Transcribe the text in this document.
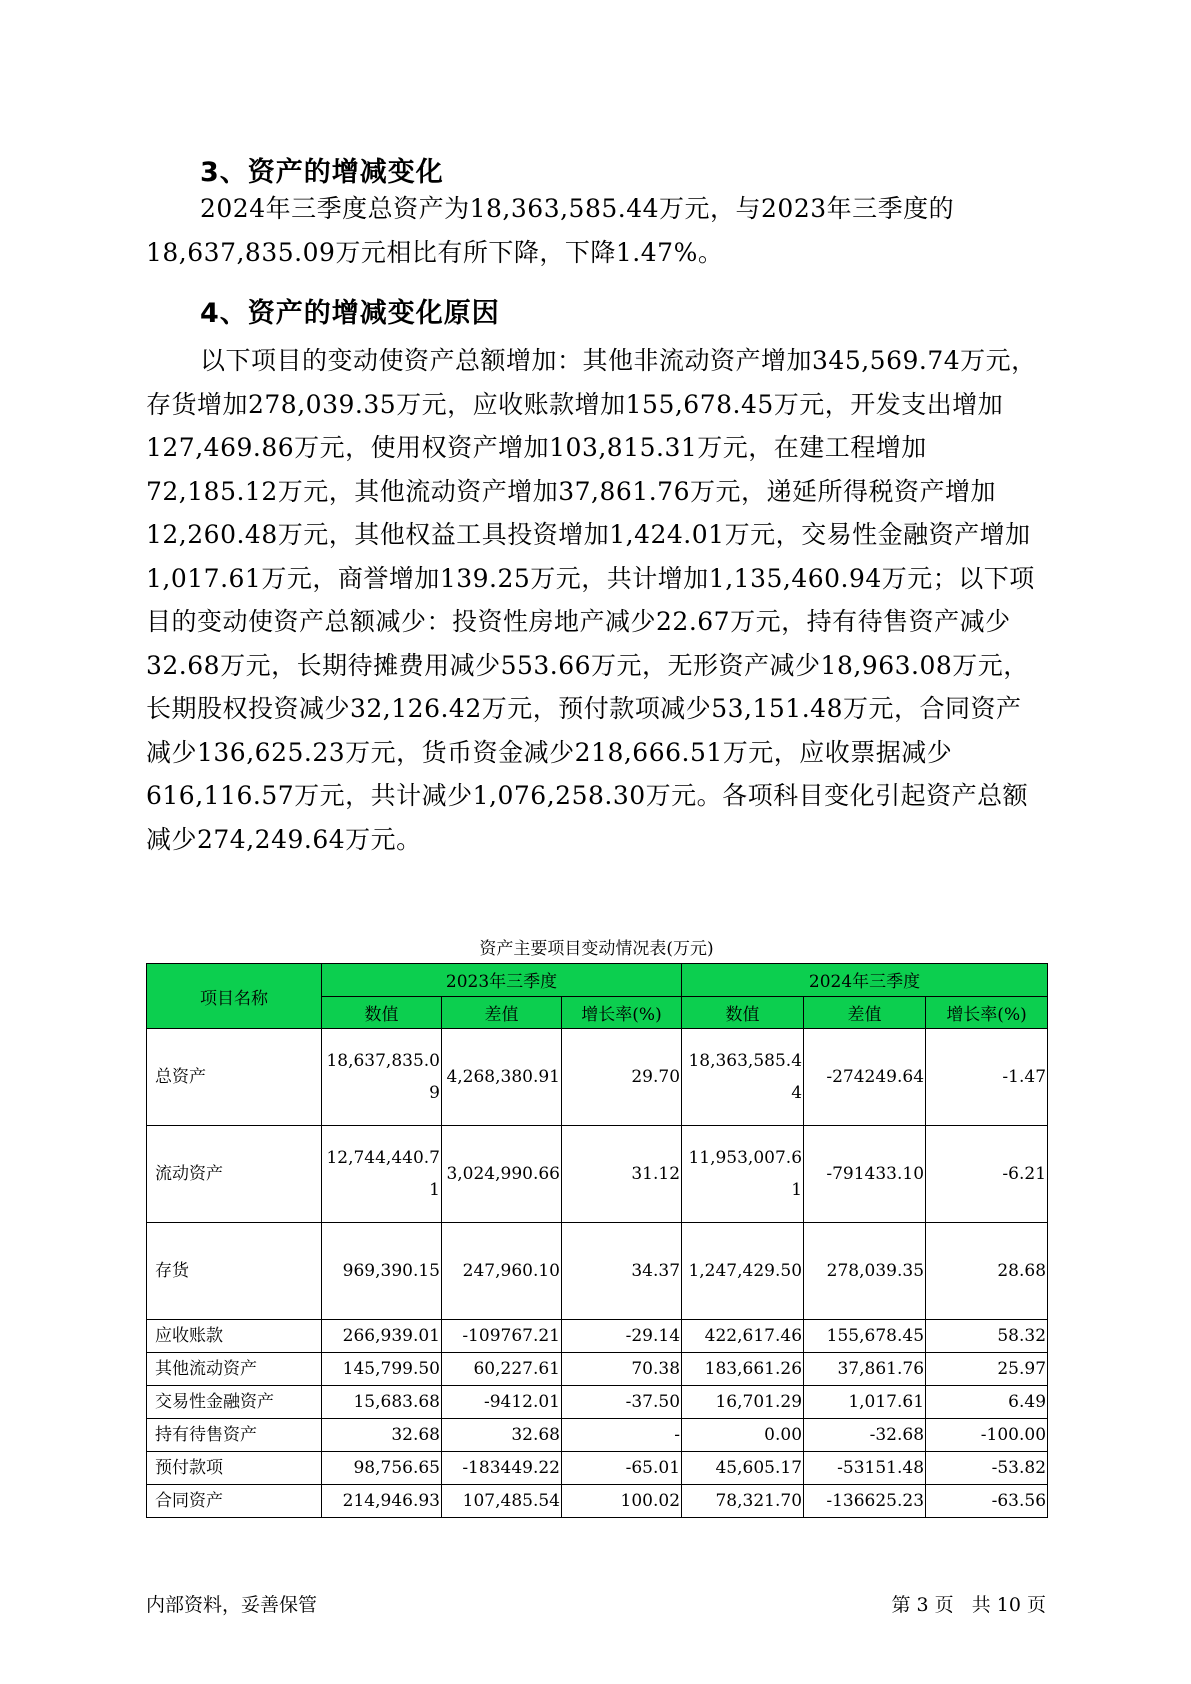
3、资产的增减变化

2024年三季度总资产为18,363,585.44万元，与2023年三季度的18,637,835.09万元相比有所下降，下降1.47%。

4、资产的增减变化原因

以下项目的变动使资产总额增加：其他非流动资产增加345,569.74万元，存货增加278,039.35万元，应收账款增加155,678.45万元，开发支出增加127,469.86万元，使用权资产增加103,815.31万元，在建工程增加72,185.12万元，其他流动资产增加37,861.76万元，递延所得税资产增加12,260.48万元，其他权益工具投资增加1,424.01万元，交易性金融资产增加1,017.61万元，商誉增加139.25万元，共计增加1,135,460.94万元；以下项目的变动使资产总额减少：投资性房地产减少22.67万元，持有待售资产减少32.68万元，长期待摊费用减少553.66万元，无形资产减少18,963.08万元，长期股权投资减少32,126.42万元，预付款项减少53,151.48万元，合同资产减少136,625.23万元，货币资金减少218,666.51万元，应收票据减少616,116.57万元，共计减少1,076,258.30万元。各项科目变化引起资产总额减少274,249.64万元。

资产主要项目变动情况表(万元)
项目名称	2023年三季度			2024年三季度		
	数值	差值	增长率(%)	数值	差值	增长率(%)
总资产	18,637,835.09	4,268,380.91	29.70	18,363,585.44	-274249.64	-1.47
流动资产	12,744,440.71	3,024,990.66	31.12	11,953,007.61	-791433.10	-6.21
存货	969,390.15	247,960.10	34.37	1,247,429.50	278,039.35	28.68
应收账款	266,939.01	-109767.21	-29.14	422,617.46	155,678.45	58.32
其他流动资产	145,799.50	60,227.61	70.38	183,661.26	37,861.76	25.97
交易性金融资产	15,683.68	-9412.01	-37.50	16,701.29	1,017.61	6.49
持有待售资产	32.68	32.68	-	0.00	-32.68	-100.00
预付款项	98,756.65	-183449.22	-65.01	45,605.17	-53151.48	-53.82
合同资产	214,946.93	107,485.54	100.02	78,321.70	-136625.23	-63.56
内部资料，妥善保管	第 3 页   共 10 页
